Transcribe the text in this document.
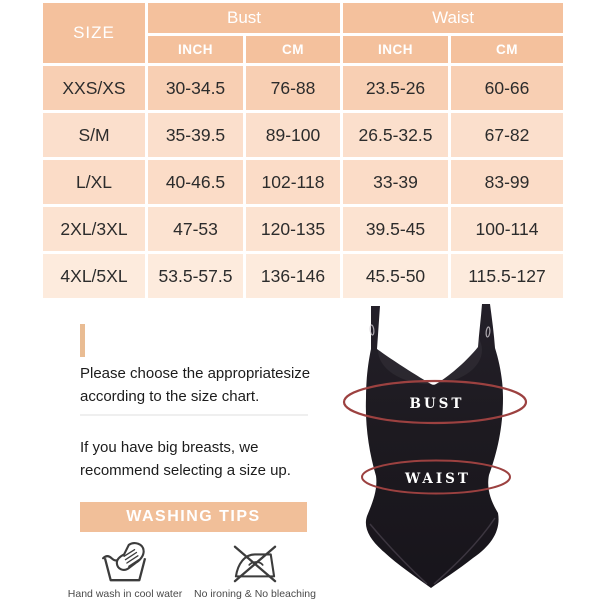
SIZE	Bust		Waist	
	INCH	CM	INCH	CM
XXS/XS	30-34.5	76-88	23.5-26	60-66
S/M	35-39.5	89-100	26.5-32.5	67-82
L/XL	40-46.5	102-118	33-39	83-99
2XL/3XL	47-53	120-135	39.5-45	100-114
4XL/5XL	53.5-57.5	136-146	45.5-50	115.5-127
Please choose the appropriatesize according to the size chart.
If you have big breasts, we recommend selecting a size up.
WASHING TIPS
Hand wash in cool water No ironing & No bleaching
BUST
WAIST
